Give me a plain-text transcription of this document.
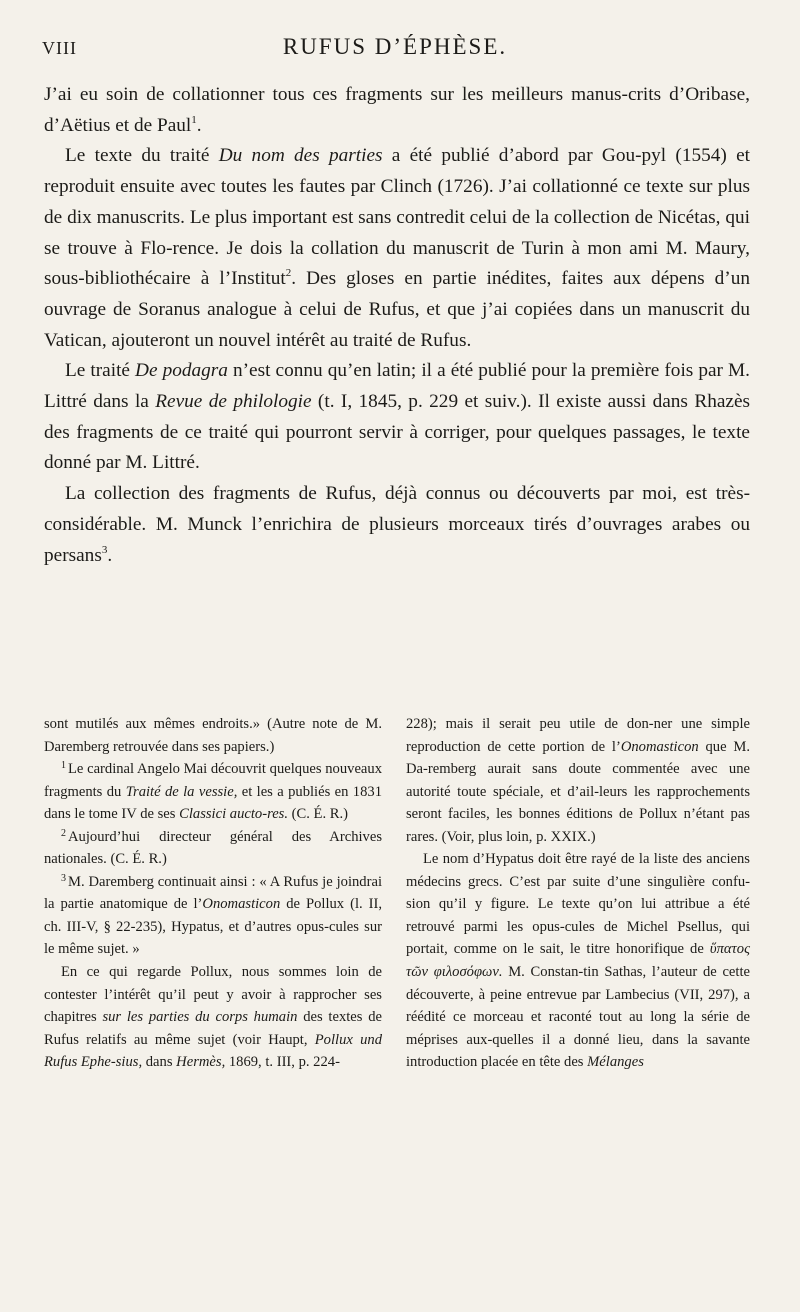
VIII	RUFUS D’ÉPHÈSE.

J’ai eu soin de collationner tous ces fragments sur les meilleurs manus-crits d’Oribase, d’Aëtius et de Paul$^1$.

Le texte du traité Du nom des parties a été publié d’abord par Gou-pyl (1554) et reproduit ensuite avec toutes les fautes par Clinch (1726). J’ai collationné ce texte sur plus de dix manuscrits. Le plus important est sans contredit celui de la collection de Nicétas, qui se trouve à Flo-rence. Je dois la collation du manuscrit de Turin à mon ami M. Maury, sous-bibliothécaire à l’Institut$^2$. Des gloses en partie inédites, faites aux dépens d’un ouvrage de Soranus analogue à celui de Rufus, et que j’ai copiées dans un manuscrit du Vatican, ajouteront un nouvel intérêt au traité de Rufus.

Le traité De podagra n’est connu qu’en latin; il a été publié pour la première fois par M. Littré dans la Revue de philologie (t. I, 1845, p. 229 et suiv.). Il existe aussi dans Rhazès des fragments de ce traité qui pourront servir à corriger, pour quelques passages, le texte donné par M. Littré.

La collection des fragments de Rufus, déjà connus ou découverts par moi, est très-considérable. M. Munck l’enrichira de plusieurs morceaux tirés d’ouvrages arabes ou persans$^3$.

sont mutilés aux mêmes endroits.» (Autre note de M. Daremberg retrouvée dans ses papiers.)

$^1$ Le cardinal Angelo Mai découvrit quelques nouveaux fragments du Traité de la vessie, et les a publiés en 1831 dans le tome IV de ses Classici aucto-res. (C. É. R.)

$^2$ Aujourd’hui directeur général des Archives nationales. (C. É. R.)

$^3$ M. Daremberg continuait ainsi : « A Rufus je joindrai la partie anatomique de l’Onomasticon de Pollux (l. II, ch. III-V, § 22-235), Hypatus, et d’autres opus-cules sur le même sujet. »

En ce qui regarde Pollux, nous sommes loin de contester l’intérêt qu’il peut y avoir à rapprocher ses chapitres sur les parties du corps humain des textes de Rufus relatifs au même sujet (voir Haupt, Pollux und Rufus Ephe-sius, dans Hermès, 1869, t. III, p. 224-

228); mais il serait peu utile de don-ner une simple reproduction de cette portion de l’Onomasticon que M. Da-remberg aurait sans doute commentée avec une autorité toute spéciale, et d’ail-leurs les rapprochements seront faciles, les bonnes éditions de Pollux n’étant pas rares. (Voir, plus loin, p. XXIX.)

Le nom d’Hypatus doit être rayé de la liste des anciens médecins grecs. C’est par suite d’une singulière confu-sion qu’il y figure. Le texte qu’on lui attribue a été retrouvé parmi les opus-cules de Michel Psellus, qui portait, comme on le sait, le titre honorifique de ὕπατος τῶν φιλοσόφων. M. Constan-tin Sathas, l’auteur de cette découverte, à peine entrevue par Lambecius (VII, 297), a réédité ce morceau et raconté tout au long la série de méprises aux-quelles il a donné lieu, dans la savante introduction placée en tête des Mélanges
